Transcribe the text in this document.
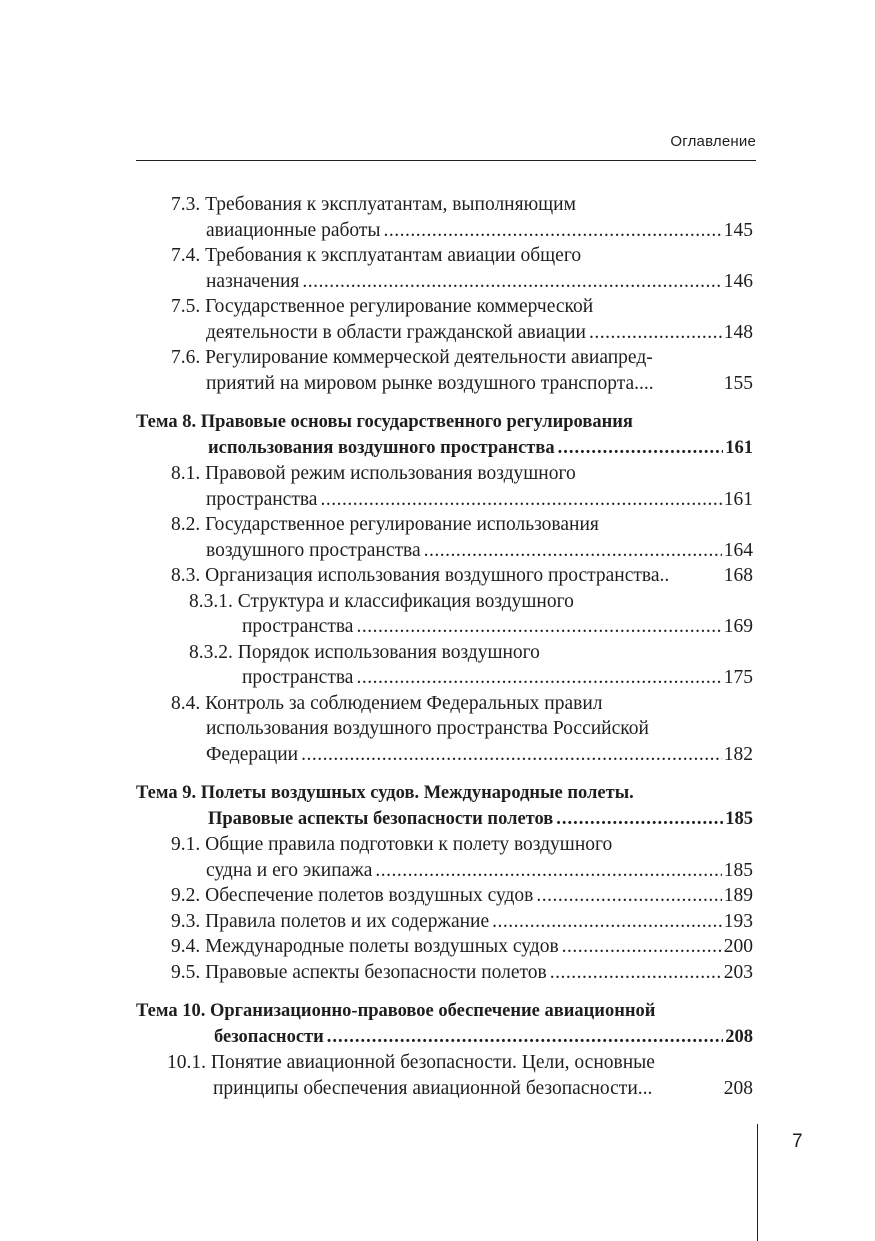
Оглавление
7.3. Требования к эксплуатантам, выполняющим
авиационные работы .....	145
7.4. Требования к эксплуатантам авиации общего
назначения .....	146
7.5. Государственное регулирование коммерческой
деятельности в области гражданской авиации .....	148
7.6. Регулирование коммерческой деятельности авиапред-
приятий на мировом рынке воздушного транспорта....	155
Тема 8. Правовые основы государственного регулирования
использования воздушного пространства .....	161
8.1. Правовой режим использования воздушного
пространства .....	161
8.2. Государственное регулирование использования
воздушного пространства .....	164
8.3. Организация использования воздушного пространства..	168
8.3.1. Структура и классификация воздушного
пространства .....	169
8.3.2. Порядок использования воздушного
пространства .....	175
8.4. Контроль за соблюдением Федеральных правил
использования воздушного пространства Российской
Федерации .....	182
Тема 9. Полеты воздушных судов. Международные полеты.
Правовые аспекты безопасности полетов .....	185
9.1. Общие правила подготовки к полету воздушного
судна и его экипажа .....	185
9.2. Обеспечение полетов воздушных судов .....	189
9.3. Правила полетов и их содержание .....	193
9.4. Международные полеты воздушных судов .....	200
9.5. Правовые аспекты безопасности полетов .....	203
Тема 10. Организационно-правовое обеспечение авиационной
безопасности .....	208
10.1. Понятие авиационной безопасности. Цели, основные
принципы обеспечения авиационной безопасности...	208
7
